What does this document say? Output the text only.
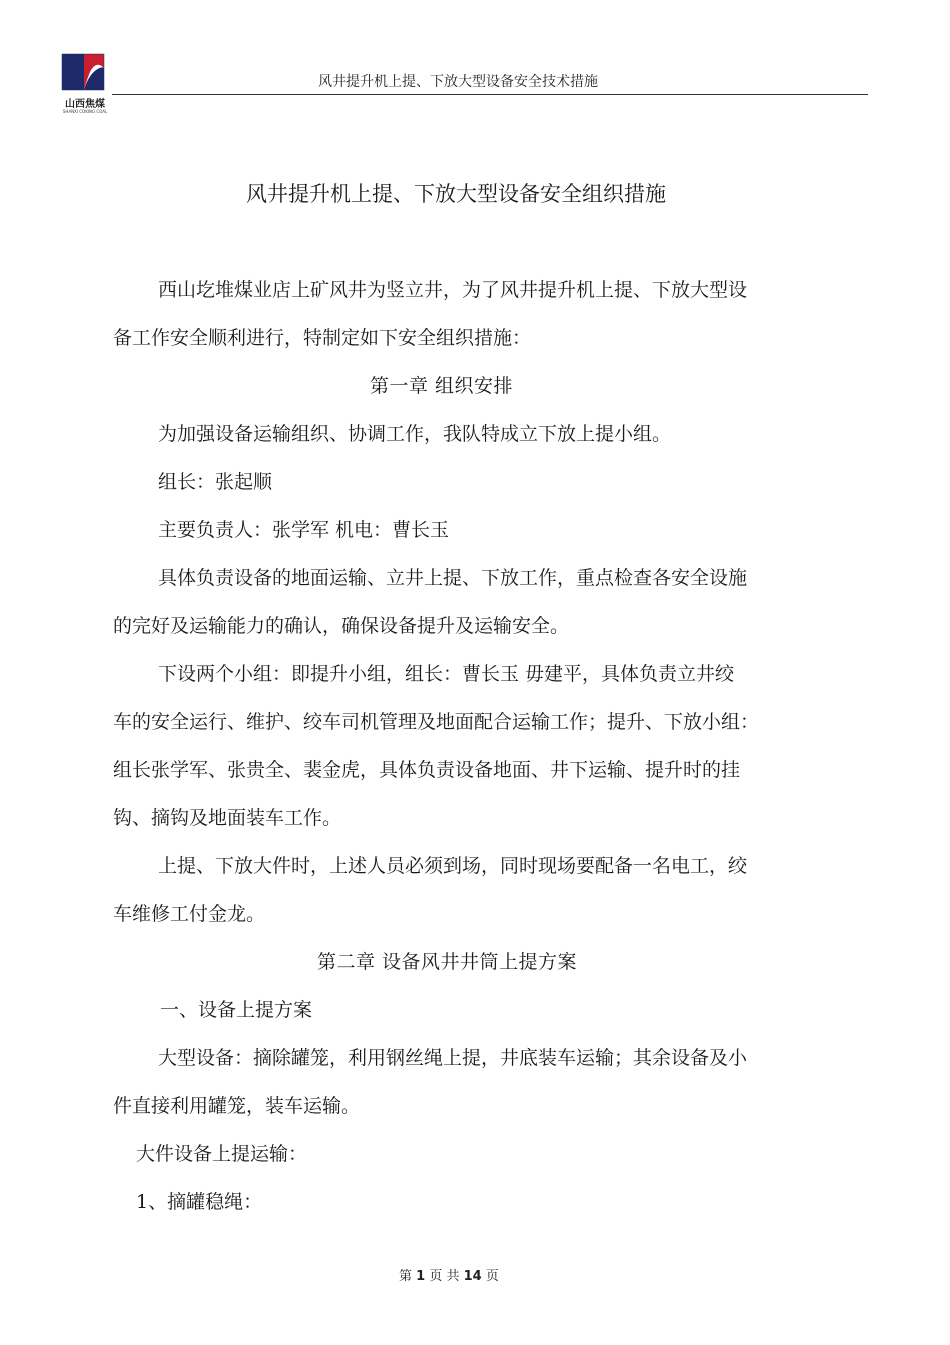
山西焦煤
SHANXI COKING COAL
风井提升机上提、下放大型设备安全技术措施
风井提升机上提、下放大型设备安全组织措施
西山圪堆煤业店上矿风井为竖立井，为了风井提升机上提、下放大型设
备工作安全顺利进行，特制定如下安全组织措施：
第一章 组织安排
为加强设备运输组织、协调工作，我队特成立下放上提小组。
组长：张起顺
主要负责人：张学军 机电：曹长玉
具体负责设备的地面运输、立井上提、下放工作，重点检查各安全设施
的完好及运输能力的确认，确保设备提升及运输安全。
下设两个小组：即提升小组，组长：曹长玉 毋建平，具体负责立井绞
车的安全运行、维护、绞车司机管理及地面配合运输工作；提升、下放小组：
组长张学军、张贵全、裴金虎，具体负责设备地面、井下运输、提升时的挂
钩、摘钩及地面装车工作。
上提、下放大件时，上述人员必须到场，同时现场要配备一名电工，绞
车维修工付金龙。
第二章 设备风井井筒上提方案
一、设备上提方案
大型设备：摘除罐笼，利用钢丝绳上提，井底装车运输；其余设备及小
件直接利用罐笼，装车运输。
大件设备上提运输：
1、摘罐稳绳：
第 1 页 共 14 页
